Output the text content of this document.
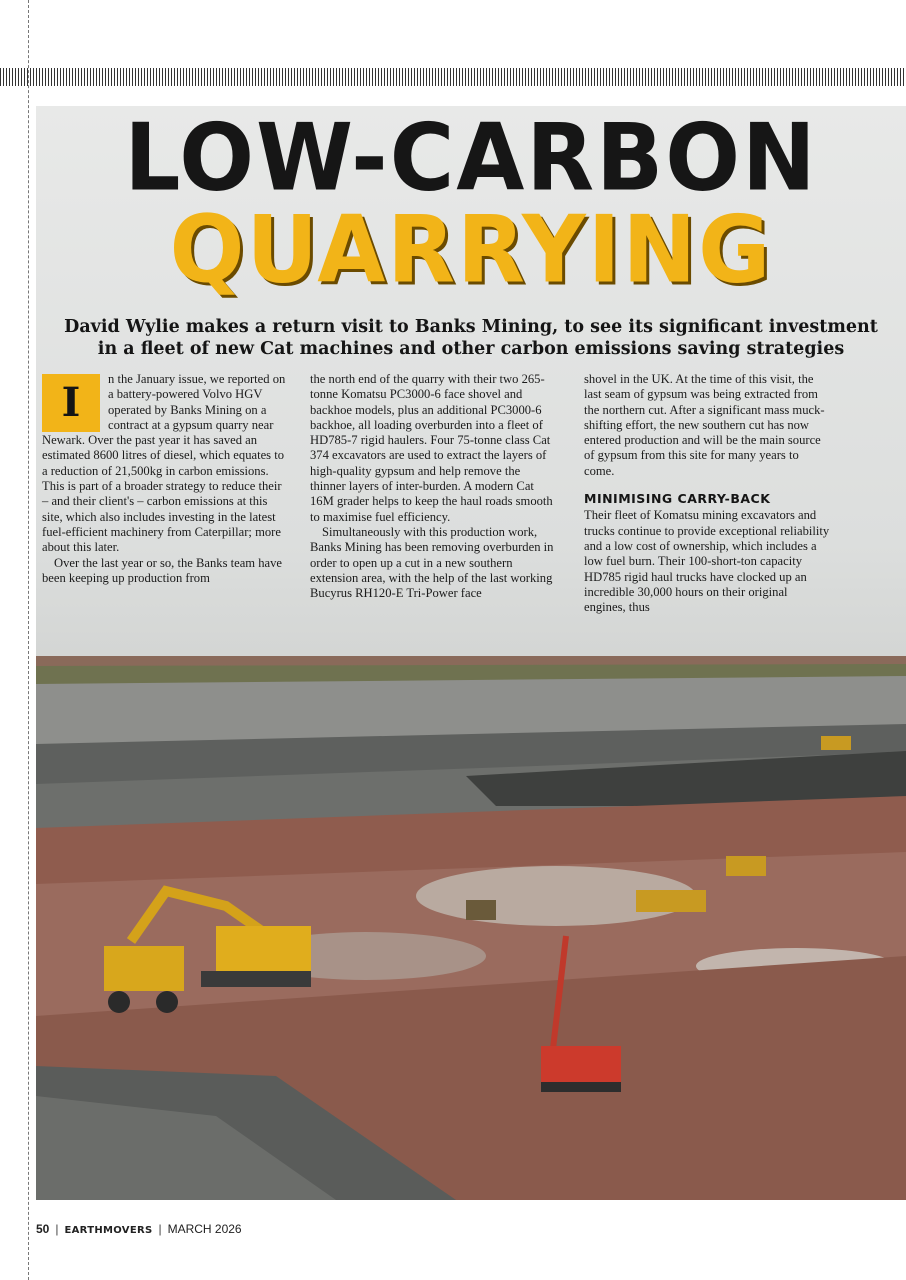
LOW-CARBON
QUARRYING
David Wylie makes a return visit to Banks Mining, to see its significant investment
in a fleet of new Cat machines and other carbon emissions saving strategies
I	n the January issue, we reported on a battery-powered Volvo HGV operated by Banks Mining on a contract at a gypsum quarry near Newark. Over the past year it has saved an estimated 8600 litres of diesel, which equates to a reduction of 21,500kg in carbon emissions. This is part of a broader strategy to reduce their – and their client's – carbon emissions at this site, which also includes investing in the latest fuel-efficient machinery from Caterpillar; more about this later.

Over the last year or so, the Banks team have been keeping up production from

the north end of the quarry with their two 265-tonne Komatsu PC3000-6 face shovel and backhoe models, plus an additional PC3000-6 backhoe, all loading overburden into a fleet of HD785-7 rigid haulers. Four 75-tonne class Cat 374 excavators are used to extract the layers of high-quality gypsum and help remove the thinner layers of inter-burden. A modern Cat 16M grader helps to keep the haul roads smooth to maximise fuel efficiency.

Simultaneously with this production work, Banks Mining has been removing overburden in order to open up a cut in a new southern extension area, with the help of the last working Bucyrus RH120-E Tri-Power face

shovel in the UK. At the time of this visit, the last seam of gypsum was being extracted from the northern cut. After a significant mass muck-shifting effort, the new southern cut has now entered production and will be the main source of gypsum from this site for many years to come.

MINIMISING CARRY-BACK

Their fleet of Komatsu mining excavators and trucks continue to provide exceptional reliability and a low cost of ownership, which includes a low fuel burn. Their 100-short-ton capacity HD785 rigid haul trucks have clocked up an incredible 30,000 hours on their original engines, thus

50 | EARTHMOVERS | MARCH 2026
